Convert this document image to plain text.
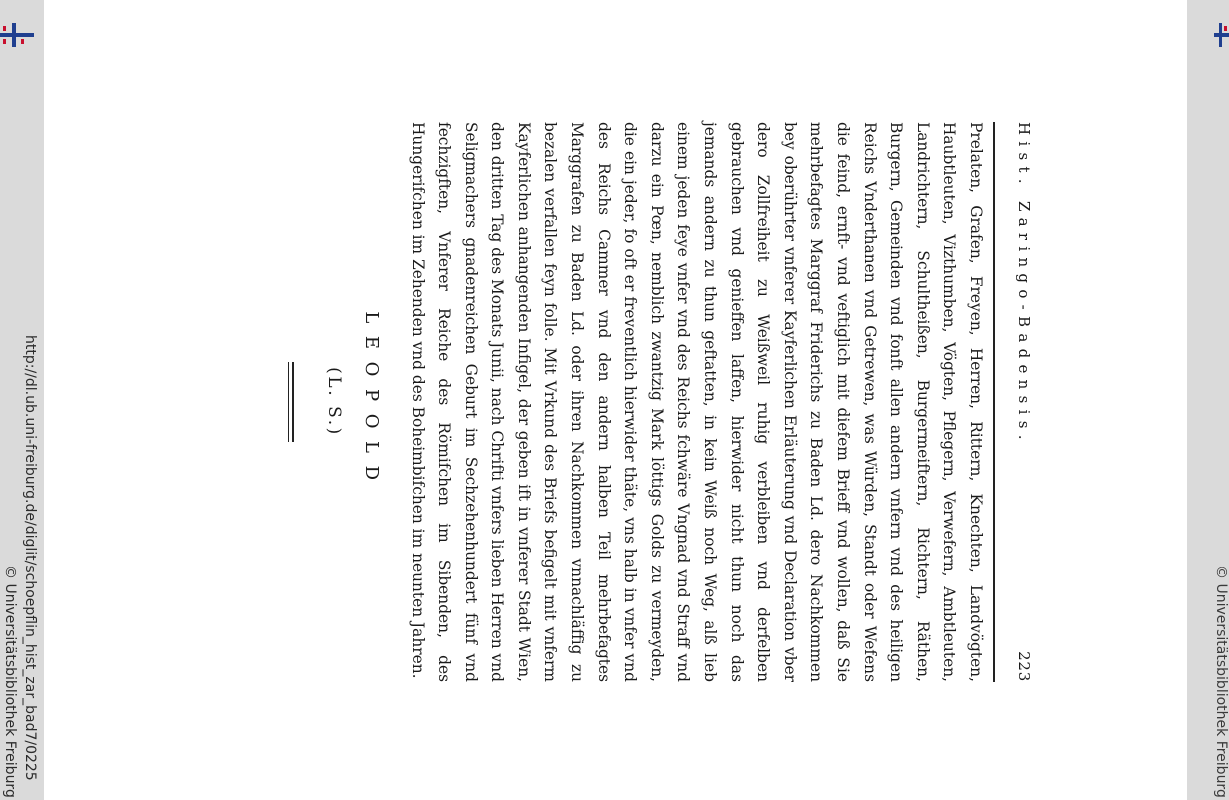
http://dl.ub.uni-freiburg.de/diglit/schoepflin_hist_zar_bad7/0225
© Universitätsbibliothek Freiburg	© Universitätsbibliothek Freiburg
Hist. Zaringo-Badensis.
223

Prelaten, Grafen, Freyen, Herren, Rittern, Knechten, Landvögten, Haubtleuten, Vizthumben, Vögten, Pflegern, Verwefern, Ambtleuten, Landrichtern, Schultheißen, Burgermeiftern, Richtern, Räthen, Burgern, Gemeinden vnd fonft allen andern vnfern vnd des heiligen Reichs Vnderthanen vnd Getrewen, was Würden, Standt oder Wefens die feind, ernft- vnd veftiglich mit diefem Brieff vnd wollen, daß Sie mehrbefagtes Marggraf Friderichs zu Baden Ld. dero Nachkommen bey oberührter vnferer Kayferlichen Erläuterung vnd Declaration vber dero Zollfreiheit zu Weißweil ruhig verbleiben vnd derfelben gebrauchen vnd genieffen laffen, hierwider nicht thun noch das jemands andern zu thun geftatten, in kein Weiß noch Weg, alß lieb einem jeden feye vnfer vnd des Reichs fchwäre Vngnad vnd Straff vnd darzu ein Pœn, nemblich zwantzig Mark löttigs Golds zu vermeyden, die ein jeder, fo oft er freventlich hierwider thäte, vns halb in vnfer vnd des Reichs Cammer vnd den andern halben Teil mehrbefagtes Marggrafen zu Baden Ld. oder ihren Nachkommen vnnachläffig zu bezalen verfallen feyn folle. Mit Vrkund des Briefs befigelt mit vnferm Kayferlichen anhangenden Infigel, der geben ift in vnferer Stadt Wien, den dritten Tag des Monats Junii, nach Chrifti vnfers lieben Herren vnd Seligmachers gnadenreichen Geburt im Sechzehenhundert fünf vnd fechzigften, Vnferer Reiche des Römifchen im Sibenden, des Hungerifchen im Zehenden vnd des Boheimbifchen im neunten Jahren.

LEOPOLD
(L. S.)
